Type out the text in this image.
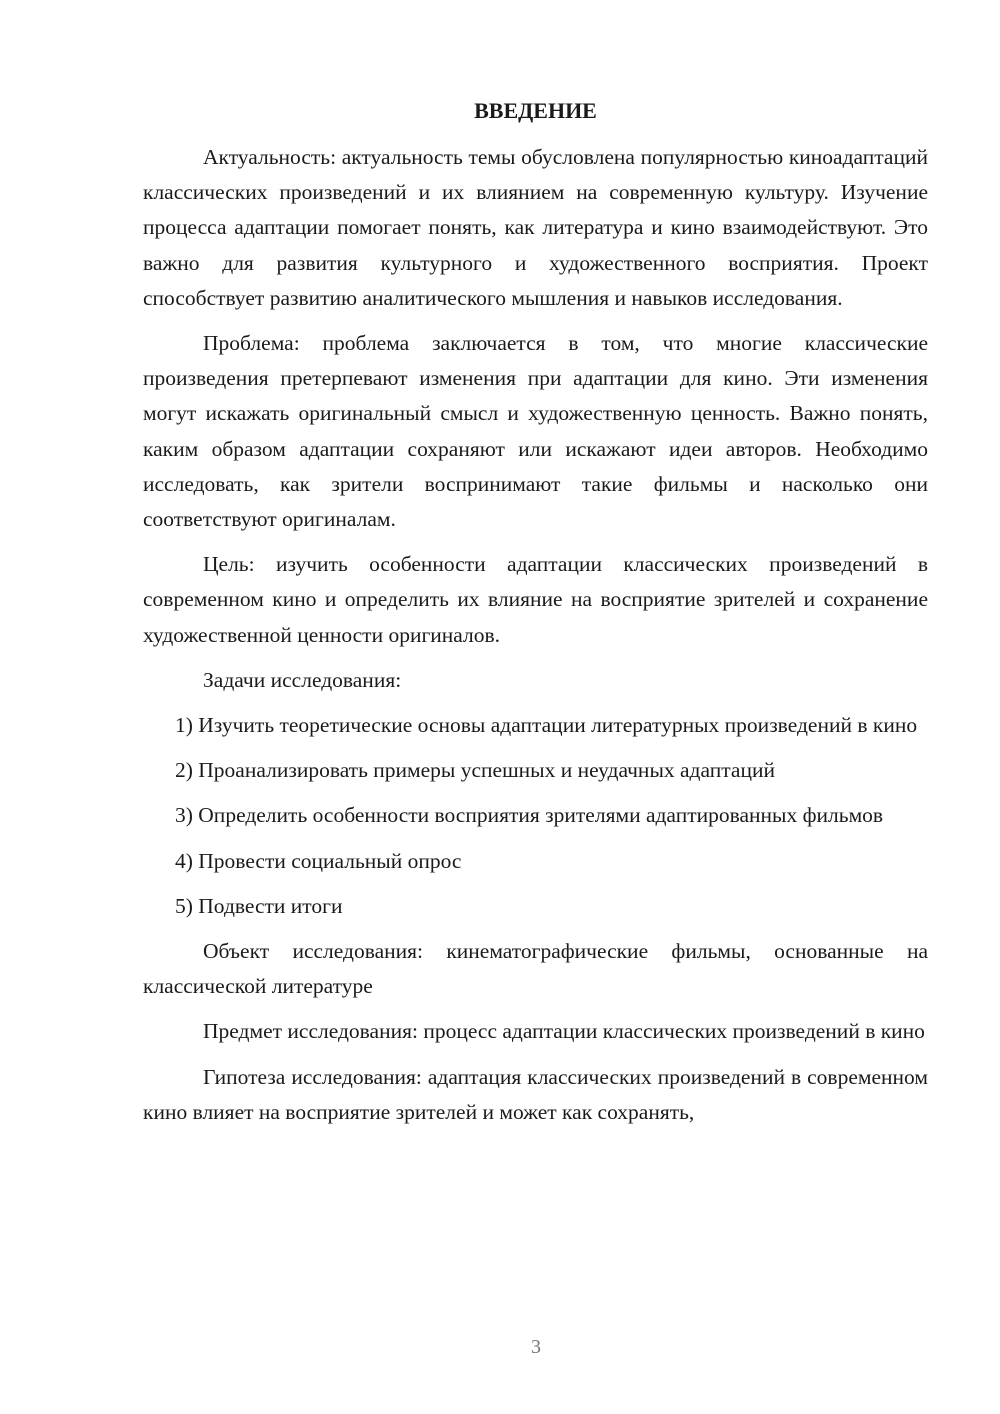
ВВЕДЕНИЕ

Актуальность: актуальность темы обусловлена популярностью киноадаптаций классических произведений и их влиянием на современную культуру. Изучение процесса адаптации помогает понять, как литература и кино взаимодействуют. Это важно для развития культурного и художественного восприятия. Проект способствует развитию аналитического мышления и навыков исследования.

Проблема: проблема заключается в том, что многие классические произведения претерпевают изменения при адаптации для кино. Эти изменения могут искажать оригинальный смысл и художественную ценность. Важно понять, каким образом адаптации сохраняют или искажают идеи авторов. Необходимо исследовать, как зрители воспринимают такие фильмы и насколько они соответствуют оригиналам.

Цель: изучить особенности адаптации классических произведений в современном кино и определить их влияние на восприятие зрителей и сохранение художественной ценности оригиналов.

Задачи исследования:

1) Изучить теоретические основы адаптации литературных произведений в кино

2) Проанализировать примеры успешных и неудачных адаптаций

3) Определить особенности восприятия зрителями адаптированных фильмов

4) Провести социальный опрос

5) Подвести итоги

Объект исследования: кинематографические фильмы, основанные на классической литературе

Предмет исследования: процесс адаптации классических произведений в кино

Гипотеза исследования: адаптация классических произведений в современном кино влияет на восприятие зрителей и может как сохранять,

3
